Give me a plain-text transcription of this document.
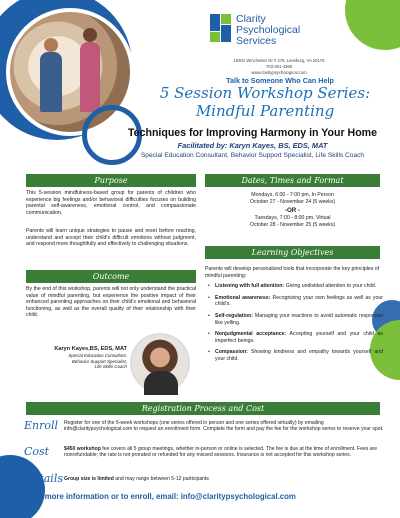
Clarity
Psychological
Services
19301 Winchester Dr # 276, Leesburg, VA 20176
703-261-4386
www.claritypsychological.com
Talk to Someone Who Can Help
5 Session Workshop Series:
Mindful Parenting
Techniques for Improving Harmony in Your Home
Facilitated by: Karyn Kayes, BS, EDS, MAT
Special Education Consultant, Behavior Support Specialist, Life Skills Coach
Purpose
This 5-session mindfulness-based group for parents of children who experience big feelings and/or behavioral difficulties focuses on building parental self-awareness, emotional control, and compassionate communication.
Parents will learn unique strategies to pause and reset before reacting, understand and accept their child's difficult emotions without judgment, and respond more thoughtfully and effectively to challenging situations.
Dates, Times and Format
Mondays, 6:00 - 7:00 pm, In Person
October 27 - November 24 (5 weeks)
-OR -
Tuesdays, 7:00 - 8:00 pm, Virtual
October 28 - November 25 (5 weeks)
Learning Objectives
Parents will develop personalized tools that incorporate the key principles of mindful parenting:
• Listening with full attention: Giving undivided attention to your child.
• Emotional awareness: Recognizing your own feelings as well as your child's.
• Self-regulation: Managing your reactions to avoid automatic responses like yelling.
• Nonjudgmental acceptance: Accepting yourself and your child as imperfect beings.
• Compassion: Showing kindness and empathy towards yourself and your child.
Outcome
By the end of this workshop, parents will not only understand the practical value of mindful parenting, but experience the positive impact of their enhanced parenting approaches on their child's emotional and behavioral functioning, as well as the overall quality of their relationship with their child.
Karyn Kayes,BS, EDS, MAT
Special Education Consultant,
Behavior Support Specialist,
Life Skills Coach
Registration Process and Cost
Enroll Register for one of the 5-week workshops (one series offered in person and one series offered virtually) by emailing info@claritypsychological.com to request an enrollment form. Complete the form and pay the fee for the workshop series to reserve your spot.
Cost	$450 workshop fee covers all 5 group meetings, whether in-person or online is selected. The fee is due at the time of enrollment. Fees are nonrefundable; the rate is not prorated or refunded for any missed sessions. Insurance is not accepted for this workshop series.
Details Group size is limited and may range between 5-12 participants
For more information or to enroll, email: info@claritypsychological.com
